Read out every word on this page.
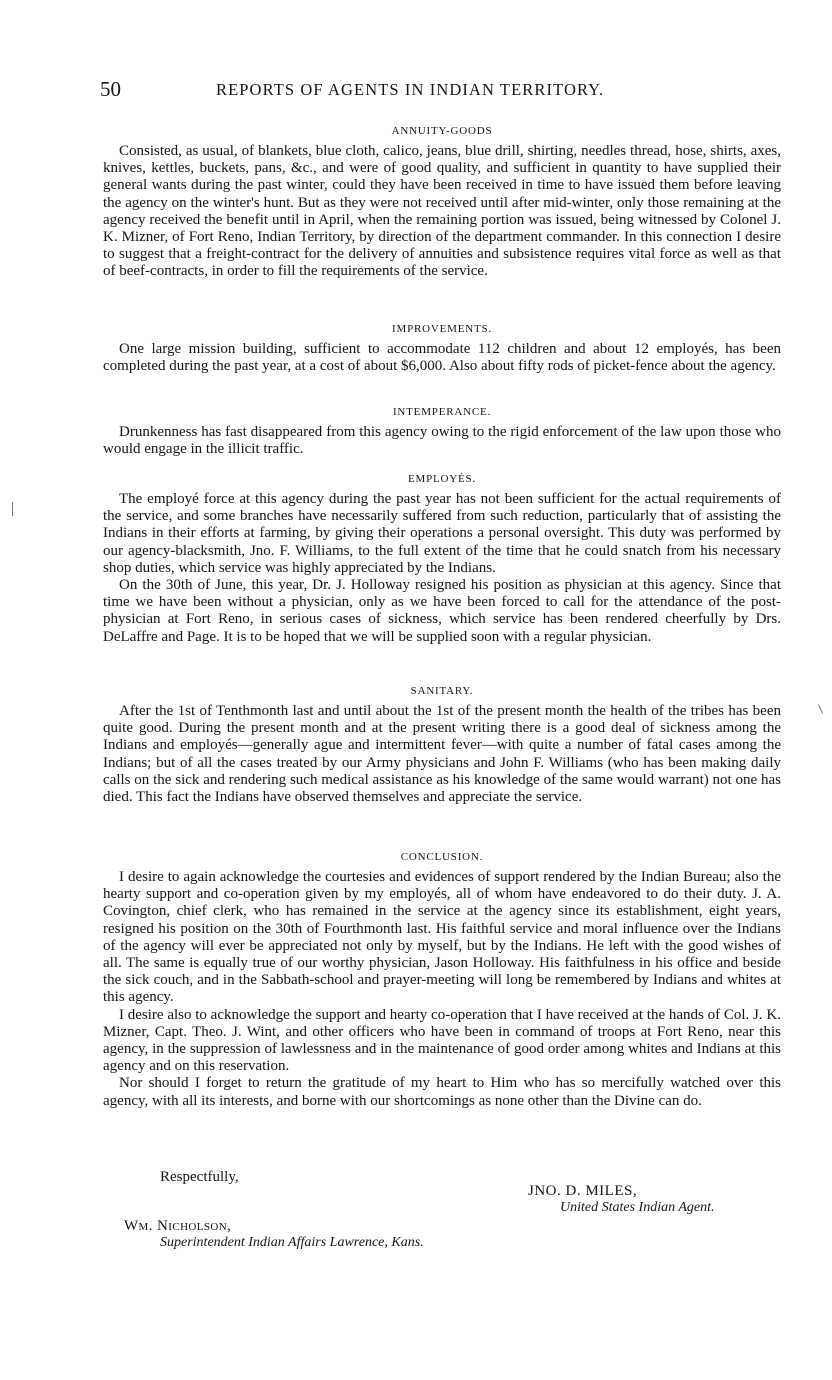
50	REPORTS OF AGENTS IN INDIAN TERRITORY.
ANNUITY-GOODS

Consisted, as usual, of blankets, blue cloth, calico, jeans, blue drill, shirting, needles thread, hose, shirts, axes, knives, kettles, buckets, pans, &c., and were of good quality, and sufficient in quantity to have supplied their general wants during the past winter, could they have been received in time to have issued them before leaving the agency on the winter's hunt. But as they were not received until after mid-winter, only those remaining at the agency received the benefit until in April, when the remaining portion was issued, being witnessed by Colonel J. K. Mizner, of Fort Reno, Indian Territory, by direction of the department commander. In this connection I desire to suggest that a freight-contract for the delivery of annuities and subsistence requires vital force as well as that of beef-contracts, in order to fill the requirements of the service.

IMPROVEMENTS.

One large mission building, sufficient to accommodate 112 children and about 12 employés, has been completed during the past year, at a cost of about $6,000. Also about fifty rods of picket-fence about the agency.

INTEMPERANCE.

Drunkenness has fast disappeared from this agency owing to the rigid enforcement of the law upon those who would engage in the illicit traffic.

EMPLOYÉS.

The employé force at this agency during the past year has not been sufficient for the actual requirements of the service, and some branches have necessarily suffered from such reduction, particularly that of assisting the Indians in their efforts at farming, by giving their operations a personal oversight. This duty was performed by our agency-blacksmith, Jno. F. Williams, to the full extent of the time that he could snatch from his necessary shop duties, which service was highly appreciated by the Indians.

On the 30th of June, this year, Dr. J. Holloway resigned his position as physician at this agency. Since that time we have been without a physician, only as we have been forced to call for the attendance of the post-physician at Fort Reno, in serious cases of sickness, which service has been rendered cheerfully by Drs. DeLaffre and Page. It is to be hoped that we will be supplied soon with a regular physician.

SANITARY.

After the 1st of Tenthmonth last and until about the 1st of the present month the health of the tribes has been quite good. During the present month and at the present writing there is a good deal of sickness among the Indians and employés—generally ague and intermittent fever—with quite a number of fatal cases among the Indians; but of all the cases treated by our Army physicians and John F. Williams (who has been making daily calls on the sick and rendering such medical assistance as his knowledge of the same would warrant) not one has died. This fact the Indians have observed themselves and appreciate the service.

CONCLUSION.

I desire to again acknowledge the courtesies and evidences of support rendered by the Indian Bureau; also the hearty support and co-operation given by my employés, all of whom have endeavored to do their duty. J. A. Covington, chief clerk, who has remained in the service at the agency since its establishment, eight years, resigned his position on the 30th of Fourthmonth last. His faithful service and moral influence over the Indians of the agency will ever be appreciated not only by myself, but by the Indians. He left with the good wishes of all. The same is equally true of our worthy physician, Jason Holloway. His faithfulness in his office and beside the sick couch, and in the Sabbath-school and prayer-meeting will long be remembered by Indians and whites at this agency.

I desire also to acknowledge the support and hearty co-operation that I have received at the hands of Col. J. K. Mizner, Capt. Theo. J. Wint, and other officers who have been in command of troops at Fort Reno, near this agency, in the suppression of lawlessness and in the maintenance of good order among whites and Indians at this agency and on this reservation.

Nor should I forget to return the gratitude of my heart to Him who has so mercifully watched over this agency, with all its interests, and borne with our shortcomings as none other than the Divine can do.

Respectfully,
JNO. D. MILES,
United States Indian Agent.
Wm. Nicholson,
Superintendent Indian Affairs Lawrence, Kans.
